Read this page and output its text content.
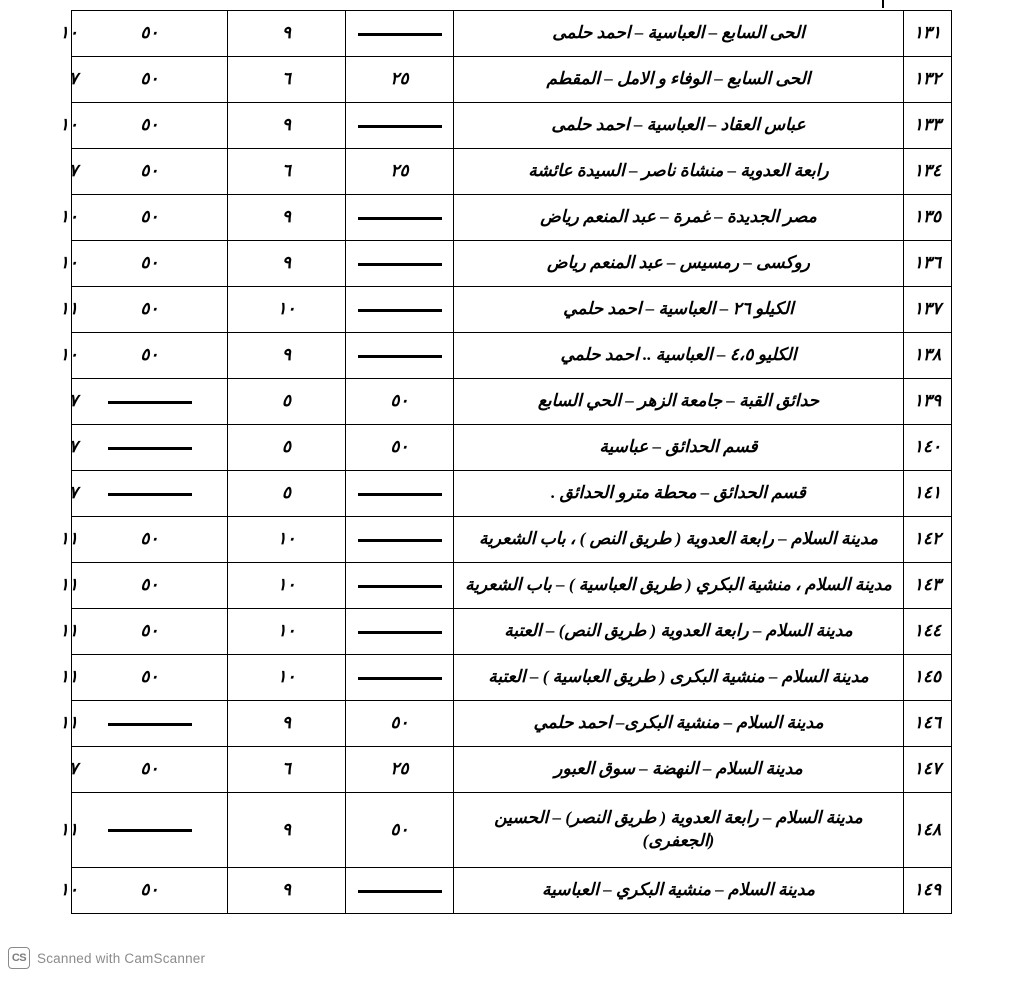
١٣١	الحى السابع – العباسية – احمد حلمى		٩	٥٠	١٠
١٣٢	الحى السابع – الوفاء و الامل – المقطم	٢٥	٦	٥٠	٧
١٣٣	عباس العقاد – العباسية – احمد حلمى		٩	٥٠	١٠
١٣٤	رابعة العدوية – منشاة ناصر – السيدة عائشة	٢٥	٦	٥٠	٧
١٣٥	مصر الجديدة – غمرة – عبد المنعم رياض		٩	٥٠	١٠
١٣٦	روكسى – رمسيس – عبد المنعم رياض		٩	٥٠	١٠
١٣٧	الكيلو ٢٦ – العباسية – احمد حلمي		١٠	٥٠	١١
١٣٨	الكليو ٤،٥ – العباسية .. احمد حلمي		٩	٥٠	١٠
١٣٩	حدائق القبة – جامعة الزهر – الحي السابع	٥٠	٥		٧
١٤٠	قسم الحدائق – عباسية	٥٠	٥		٧
١٤١	قسم الحدائق – محطة مترو الحدائق .		٥		٧
١٤٢	مدينة السلام – رابعة العدوية ( طريق النص ) ، باب الشعرية		١٠	٥٠	١١
١٤٣	مدينة السلام ، منشية البكري ( طريق العباسية ) – باب الشعرية		١٠	٥٠	١١
١٤٤	مدينة السلام – رابعة العدوية ( طريق النص) – العتبة		١٠	٥٠	١١
١٤٥	مدينة السلام – منشية البكرى ( طريق العباسية ) – العتبة		١٠	٥٠	١١
١٤٦	مدينة السلام – منشية البكرى– احمد حلمي	٥٠	٩		١١
١٤٧	مدينة السلام – النهضة – سوق العبور	٢٥	٦	٥٠	٧
١٤٨	مدينة السلام – رابعة العدوية ( طريق النصر) – الحسين (الجعفرى)	٥٠	٩		١١
١٤٩	مدينة السلام – منشية البكري – العباسية		٩	٥٠	١٠
CS Scanned with CamScanner
